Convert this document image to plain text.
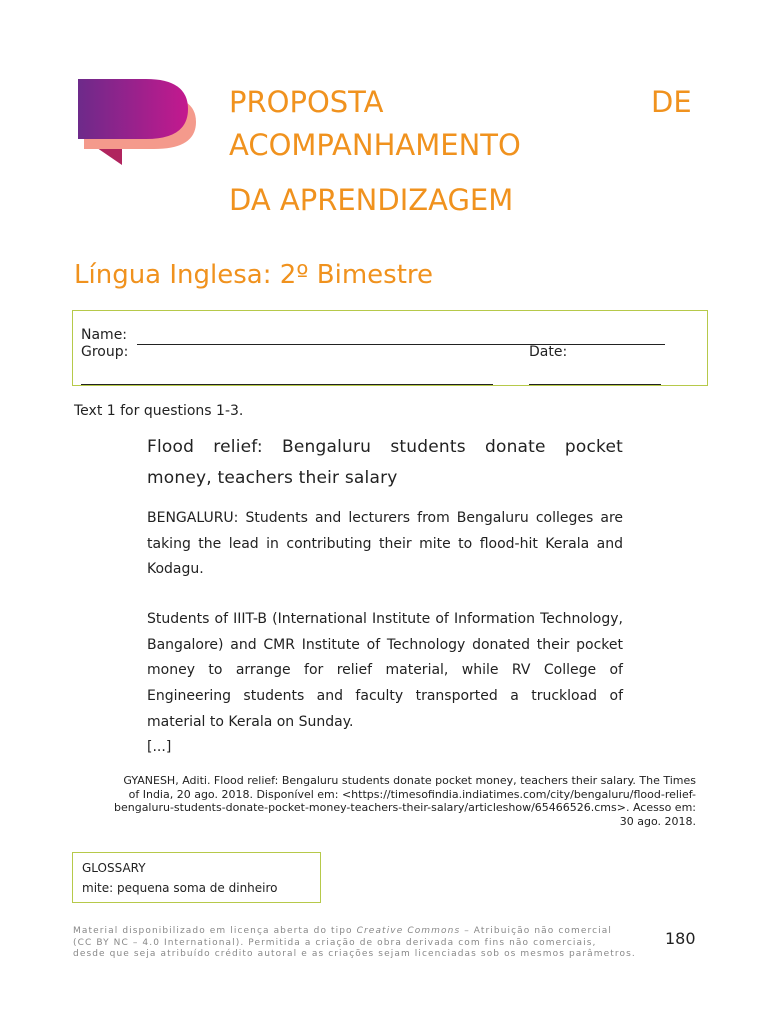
PROPOSTA	DE
ACOMPANHAMENTO
DA APRENDIZAGEM
Língua Inglesa: 2º Bimestre
Name:
Group:	Date:
Text 1 for questions 1-3.
Flood relief: Bengaluru students donate pocket money, teachers their salary
BENGALURU: Students and lecturers from Bengaluru colleges are taking the lead in contributing their mite to flood-hit Kerala and Kodagu.
Students of IIIT-B (International Institute of Information Technology, Bangalore) and CMR Institute of Technology donated their pocket money to arrange for relief material, while RV College of Engineering students and faculty transported a truckload of material to Kerala on Sunday.
[...]
GYANESH, Aditi. Flood relief: Bengaluru students donate pocket money, teachers their salary. The Times
of India, 20 ago. 2018. Disponível em: <https://timesofindia.indiatimes.com/city/bengaluru/flood-relief-
bengaluru-students-donate-pocket-money-teachers-their-salary/articleshow/65466526.cms>. Acesso em:
30 ago. 2018.
GLOSSARY
mite: pequena soma de dinheiro
Material disponibilizado em licença aberta do tipo Creative Commons – Atribuição não comercial
(CC BY NC – 4.0 International). Permitida a criação de obra derivada com fins não comerciais,
desde que seja atribuído crédito autoral e as criações sejam licenciadas sob os mesmos parâmetros.
180
